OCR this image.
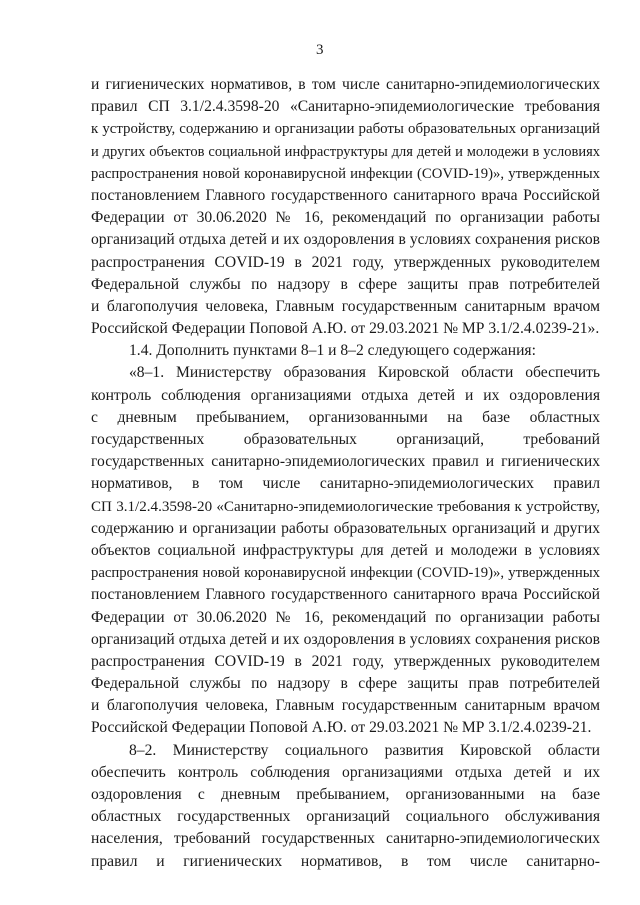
3
и гигиенических нормативов, в том числе санитарно-эпидемиологических
правил СП 3.1/2.4.3598-20 «Санитарно-эпидемиологические требования
к устройству, содержанию и организации работы образовательных организаций
и других объектов социальной инфраструктуры для детей и молодежи в условиях
распространения новой коронавирусной инфекции (COVID-19)», утвержденных
постановлением Главного государственного санитарного врача Российской
Федерации от 30.06.2020 № 16, рекомендаций по организации работы
организаций отдыха детей и их оздоровления в условиях сохранения рисков
распространения COVID-19 в 2021 году, утвержденных руководителем
Федеральной службы по надзору в сфере защиты прав потребителей
и благополучия человека, Главным государственным санитарным врачом
Российской Федерации Поповой А.Ю. от 29.03.2021 № МР 3.1/2.4.0239-21».
1.4. Дополнить пунктами 8–1 и 8–2 следующего содержания:
«8–1. Министерству образования Кировской области обеспечить
контроль соблюдения организациями отдыха детей и их оздоровления
с дневным пребыванием, организованными на базе областных
государственных образовательных организаций, требований
государственных санитарно-эпидемиологических правил и гигиенических
нормативов, в том числе санитарно-эпидемиологических правил
СП 3.1/2.4.3598-20 «Санитарно-эпидемиологические требования к устройству,
содержанию и организации работы образовательных организаций и других
объектов социальной инфраструктуры для детей и молодежи в условиях
распространения новой коронавирусной инфекции (COVID-19)», утвержденных
постановлением Главного государственного санитарного врача Российской
Федерации от 30.06.2020 № 16, рекомендаций по организации работы
организаций отдыха детей и их оздоровления в условиях сохранения рисков
распространения COVID-19 в 2021 году, утвержденных руководителем
Федеральной службы по надзору в сфере защиты прав потребителей
и благополучия человека, Главным государственным санитарным врачом
Российской Федерации Поповой А.Ю. от 29.03.2021 № МР 3.1/2.4.0239-21.
8–2. Министерству социального развития Кировской области
обеспечить контроль соблюдения организациями отдыха детей и их
оздоровления с дневным пребыванием, организованными на базе
областных государственных организаций социального обслуживания
населения, требований государственных санитарно-эпидемиологических
правил и гигиенических нормативов, в том числе санитарно-
